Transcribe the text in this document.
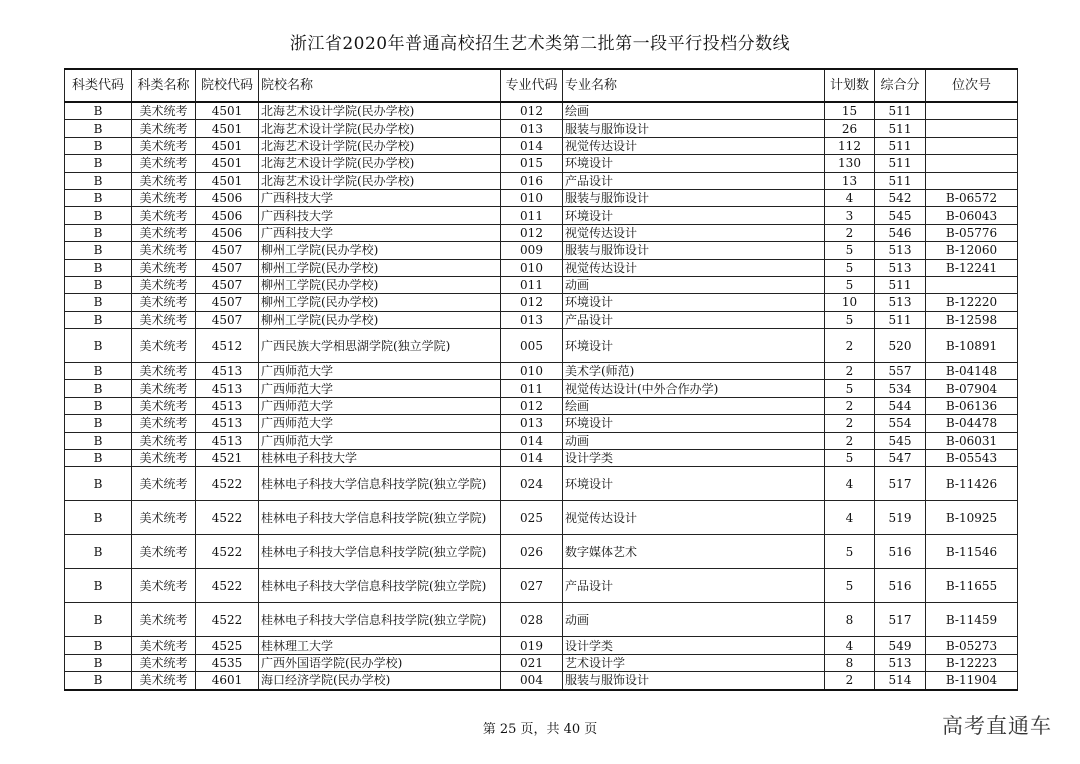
浙江省2020年普通高校招生艺术类第二批第一段平行投档分数线
科类代码	科类名称	院校代码	院校名称	专业代码	专业名称	计划数	综合分	位次号
B	美术统考	4501	北海艺术设计学院(民办学校)	012	绘画	15	511	
B	美术统考	4501	北海艺术设计学院(民办学校)	013	服装与服饰设计	26	511	
B	美术统考	4501	北海艺术设计学院(民办学校)	014	视觉传达设计	112	511	
B	美术统考	4501	北海艺术设计学院(民办学校)	015	环境设计	130	511	
B	美术统考	4501	北海艺术设计学院(民办学校)	016	产品设计	13	511	
B	美术统考	4506	广西科技大学	010	服装与服饰设计	4	542	B-06572
B	美术统考	4506	广西科技大学	011	环境设计	3	545	B-06043
B	美术统考	4506	广西科技大学	012	视觉传达设计	2	546	B-05776
B	美术统考	4507	柳州工学院(民办学校)	009	服装与服饰设计	5	513	B-12060
B	美术统考	4507	柳州工学院(民办学校)	010	视觉传达设计	5	513	B-12241
B	美术统考	4507	柳州工学院(民办学校)	011	动画	5	511	
B	美术统考	4507	柳州工学院(民办学校)	012	环境设计	10	513	B-12220
B	美术统考	4507	柳州工学院(民办学校)	013	产品设计	5	511	B-12598
B	美术统考	4512	广西民族大学相思湖学院(独立学院)	005	环境设计	2	520	B-10891
B	美术统考	4513	广西师范大学	010	美术学(师范)	2	557	B-04148
B	美术统考	4513	广西师范大学	011	视觉传达设计(中外合作办学)	5	534	B-07904
B	美术统考	4513	广西师范大学	012	绘画	2	544	B-06136
B	美术统考	4513	广西师范大学	013	环境设计	2	554	B-04478
B	美术统考	4513	广西师范大学	014	动画	2	545	B-06031
B	美术统考	4521	桂林电子科技大学	014	设计学类	5	547	B-05543
B	美术统考	4522	桂林电子科技大学信息科技学院(独立学院)	024	环境设计	4	517	B-11426
B	美术统考	4522	桂林电子科技大学信息科技学院(独立学院)	025	视觉传达设计	4	519	B-10925
B	美术统考	4522	桂林电子科技大学信息科技学院(独立学院)	026	数字媒体艺术	5	516	B-11546
B	美术统考	4522	桂林电子科技大学信息科技学院(独立学院)	027	产品设计	5	516	B-11655
B	美术统考	4522	桂林电子科技大学信息科技学院(独立学院)	028	动画	8	517	B-11459
B	美术统考	4525	桂林理工大学	019	设计学类	4	549	B-05273
B	美术统考	4535	广西外国语学院(民办学校)	021	艺术设计学	8	513	B-12223
B	美术统考	4601	海口经济学院(民办学校)	004	服装与服饰设计	2	514	B-11904
第 25 页，共 40 页	高考直通车
